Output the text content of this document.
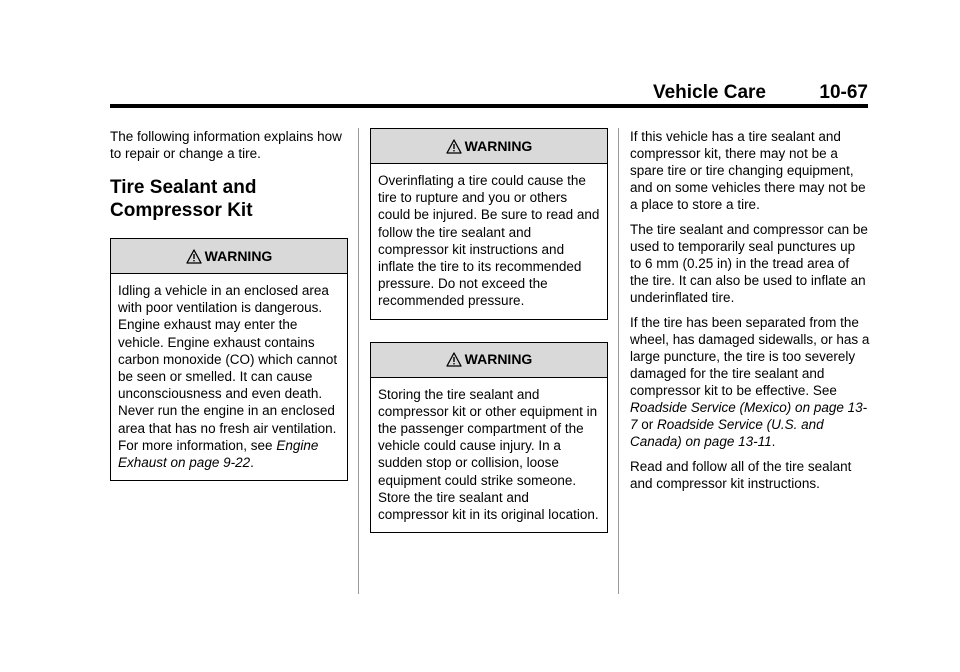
Vehicle Care	10-67

The following information explains how to repair or change a tire.

Tire Sealant and Compressor Kit
WARNING
Idling a vehicle in an enclosed area with poor ventilation is dangerous. Engine exhaust may enter the vehicle. Engine exhaust contains carbon monoxide (CO) which cannot be seen or smelled. It can cause unconsciousness and even death. Never run the engine in an enclosed area that has no fresh air ventilation. For more information, see Engine Exhaust on page 9-22.
WARNING
Overinflating a tire could cause the tire to rupture and you or others could be injured. Be sure to read and follow the tire sealant and compressor kit instructions and inflate the tire to its recommended pressure. Do not exceed the recommended pressure.
WARNING
Storing the tire sealant and compressor kit or other equipment in the passenger compartment of the vehicle could cause injury. In a sudden stop or collision, loose equipment could strike someone. Store the tire sealant and compressor kit in its original location.

If this vehicle has a tire sealant and compressor kit, there may not be a spare tire or tire changing equipment, and on some vehicles there may not be a place to store a tire.

The tire sealant and compressor can be used to temporarily seal punctures up to 6 mm (0.25 in) in the tread area of the tire. It can also be used to inflate an underinflated tire.

If the tire has been separated from the wheel, has damaged sidewalls, or has a large puncture, the tire is too severely damaged for the tire sealant and compressor kit to be effective. See Roadside Service (Mexico) on page 13-7 or Roadside Service (U.S. and Canada) on page 13-11.

Read and follow all of the tire sealant and compressor kit instructions.
